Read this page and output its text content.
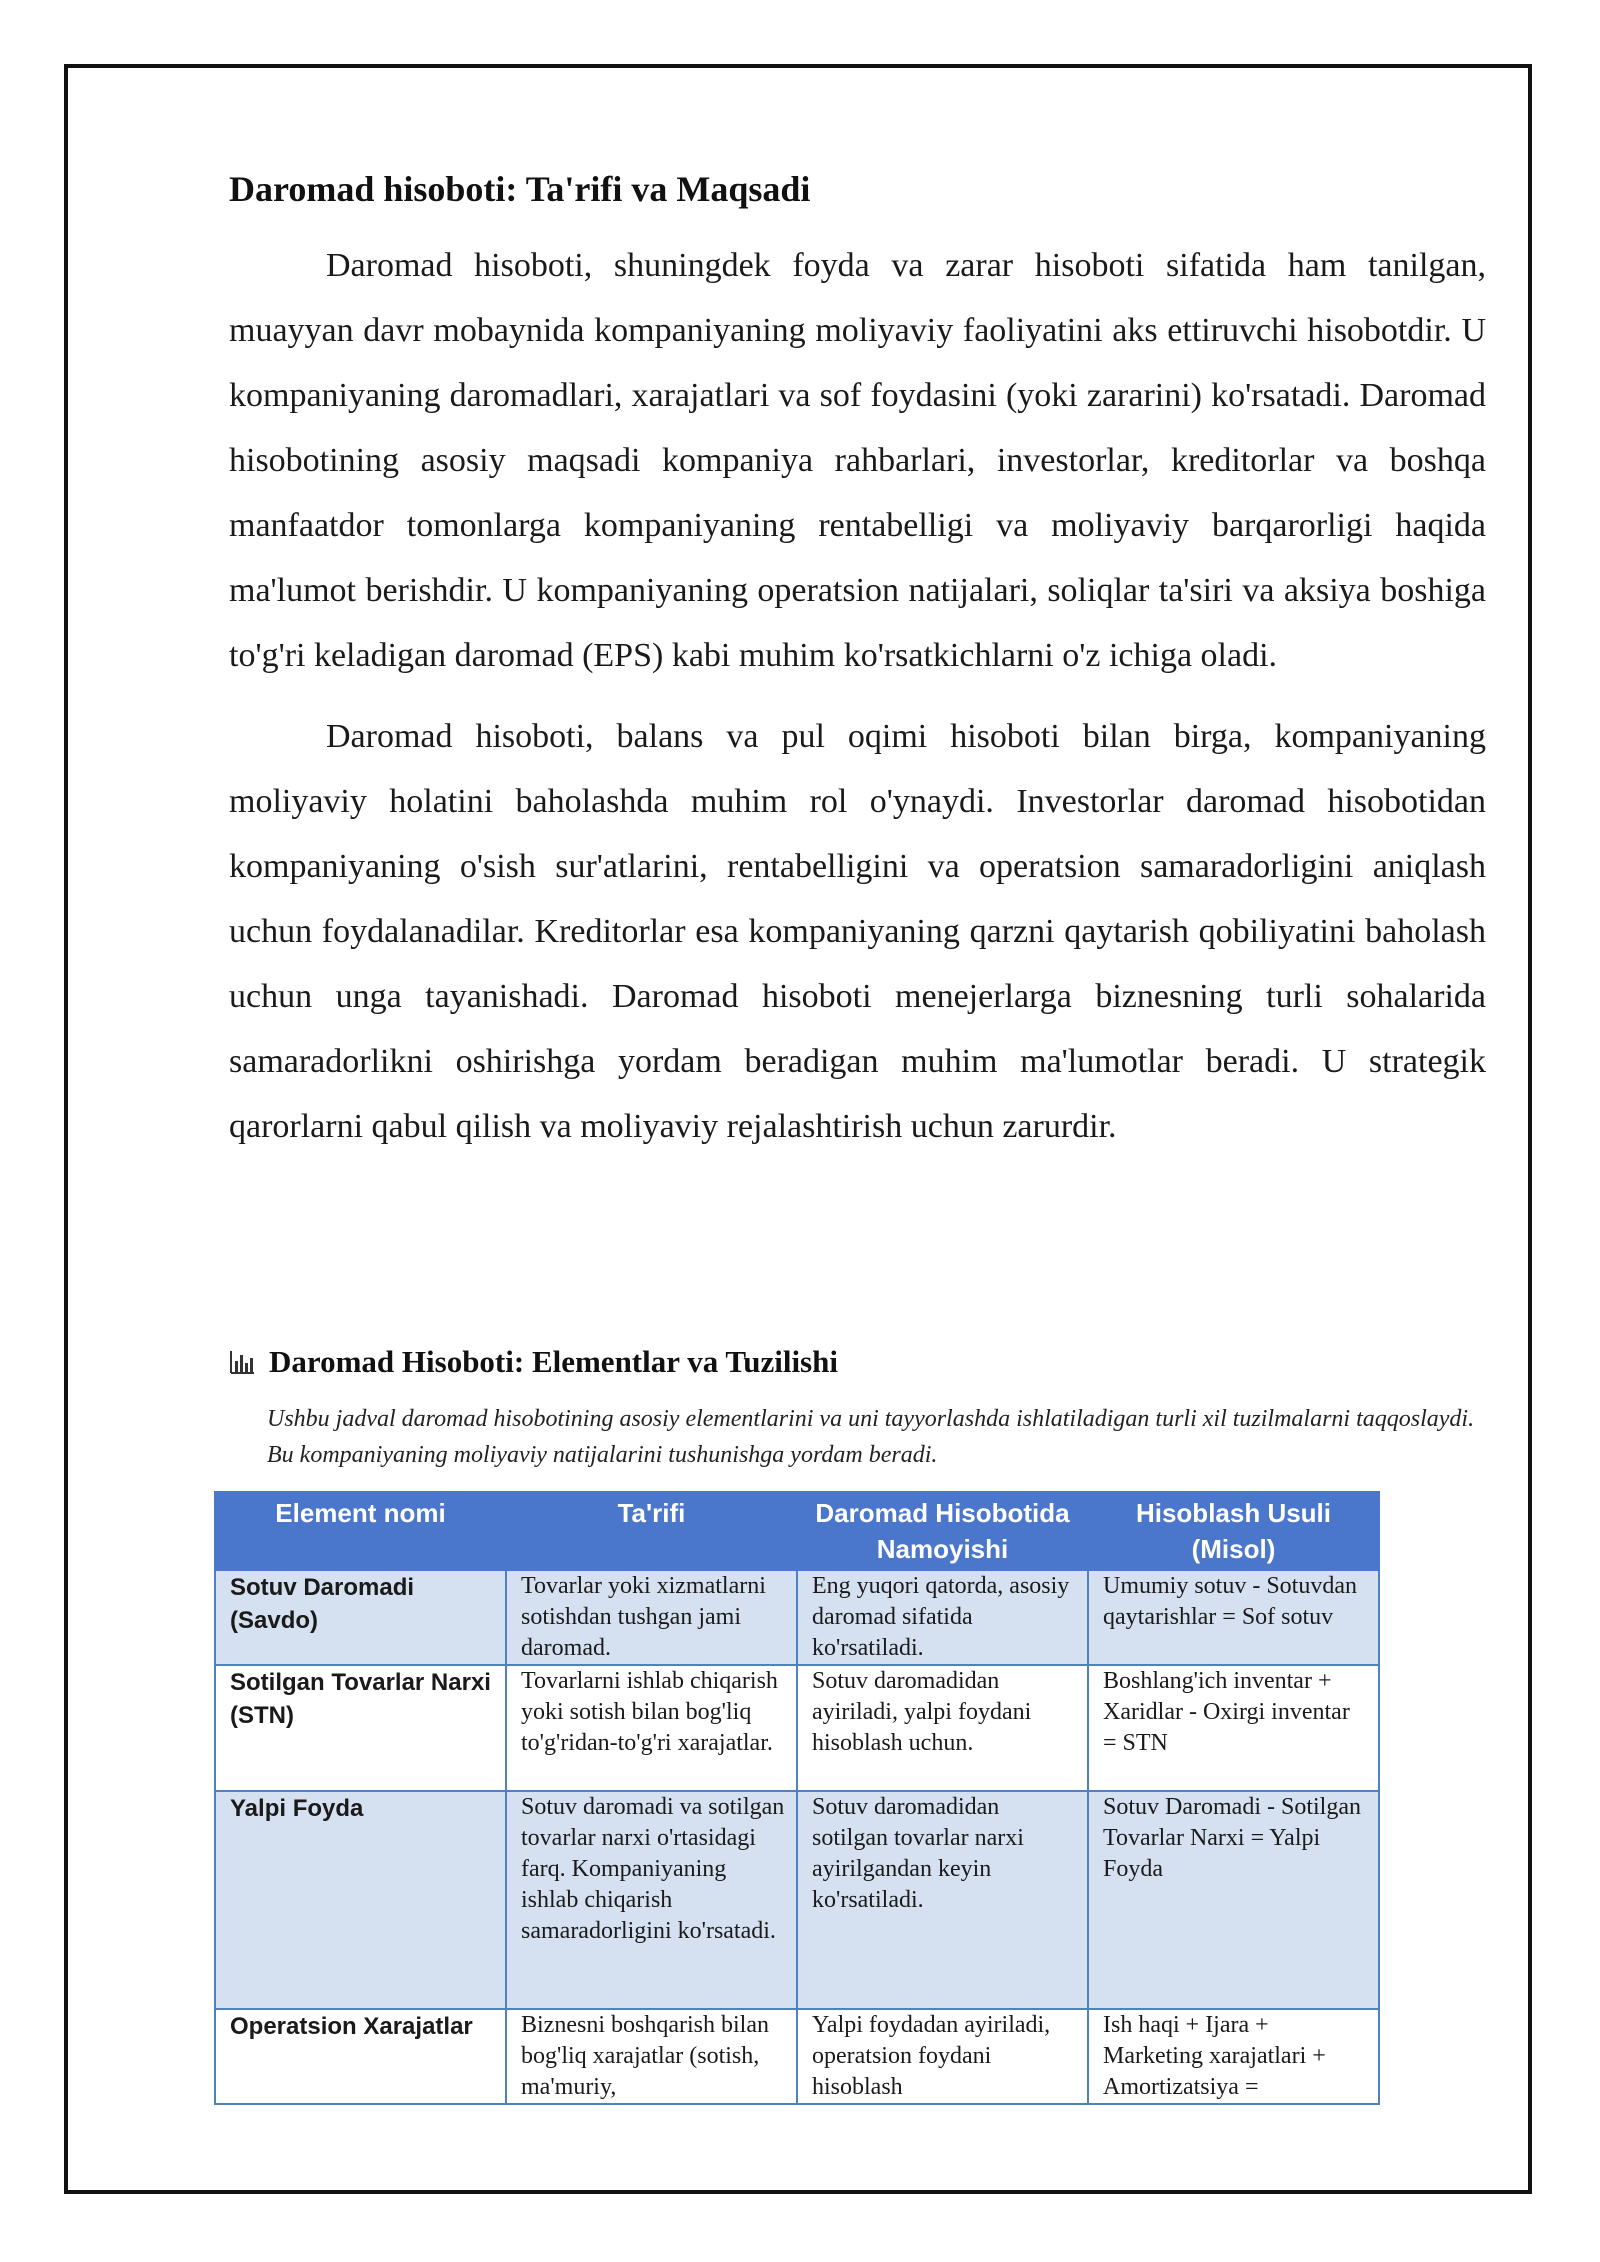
Daromad hisoboti: Ta'rifi va Maqsadi

Daromad hisoboti, shuningdek foyda va zarar hisoboti sifatida ham tanilgan, muayyan davr mobaynida kompaniyaning moliyaviy faoliyatini aks ettiruvchi hisobotdir. U kompaniyaning daromadlari, xarajatlari va sof foydasini (yoki zararini) ko'rsatadi. Daromad hisobotining asosiy maqsadi kompaniya rahbarlari, investorlar, kreditorlar va boshqa manfaatdor tomonlarga kompaniyaning rentabelligi va moliyaviy barqarorligi haqida ma'lumot berishdir. U kompaniyaning operatsion natijalari, soliqlar ta'siri va aksiya boshiga to'g'ri keladigan daromad (EPS) kabi muhim ko'rsatkichlarni o'z ichiga oladi.

Daromad hisoboti, balans va pul oqimi hisoboti bilan birga, kompaniyaning moliyaviy holatini baholashda muhim rol o'ynaydi. Investorlar daromad hisobotidan kompaniyaning o'sish sur'atlarini, rentabelligini va operatsion samaradorligini aniqlash uchun foydalanadilar. Kreditorlar esa kompaniyaning qarzni qaytarish qobiliyatini baholash uchun unga tayanishadi. Daromad hisoboti menejerlarga biznesning turli sohalarida samaradorlikni oshirishga yordam beradigan muhim ma'lumotlar beradi. U strategik qarorlarni qabul qilish va moliyaviy rejalashtirish uchun zarurdir.

Daromad Hisoboti: Elementlar va Tuzilishi
Ushbu jadval daromad hisobotining asosiy elementlarini va uni tayyorlashda ishlatiladigan turli xil tuzilmalarni taqqoslaydi. Bu kompaniyaning moliyaviy natijalarini tushunishga yordam beradi.
Element nomi	Ta'rifi	Daromad Hisobotida Namoyishi	Hisoblash Usuli (Misol)
Sotuv Daromadi (Savdo)	Tovarlar yoki xizmatlarni sotishdan tushgan jami daromad.	Eng yuqori qatorda, asosiy daromad sifatida ko'rsatiladi.	Umumiy sotuv - Sotuvdan qaytarishlar = Sof sotuv
Sotilgan Tovarlar Narxi (STN)	Tovarlarni ishlab chiqarish yoki sotish bilan bog'liq to'g'ridan-to'g'ri xarajatlar.	Sotuv daromadidan ayiriladi, yalpi foydani hisoblash uchun.	Boshlang'ich inventar + Xaridlar - Oxirgi inventar = STN
Yalpi Foyda	Sotuv daromadi va sotilgan tovarlar narxi o'rtasidagi farq. Kompaniyaning ishlab chiqarish samaradorligini ko'rsatadi.	Sotuv daromadidan sotilgan tovarlar narxi ayirilgandan keyin ko'rsatiladi.	Sotuv Daromadi - Sotilgan Tovarlar Narxi = Yalpi Foyda
Operatsion Xarajatlar	Biznesni boshqarish bilan bog'liq xarajatlar (sotish, ma'muriy,	Yalpi foydadan ayiriladi, operatsion foydani hisoblash	Ish haqi + Ijara + Marketing xarajatlari + Amortizatsiya =
